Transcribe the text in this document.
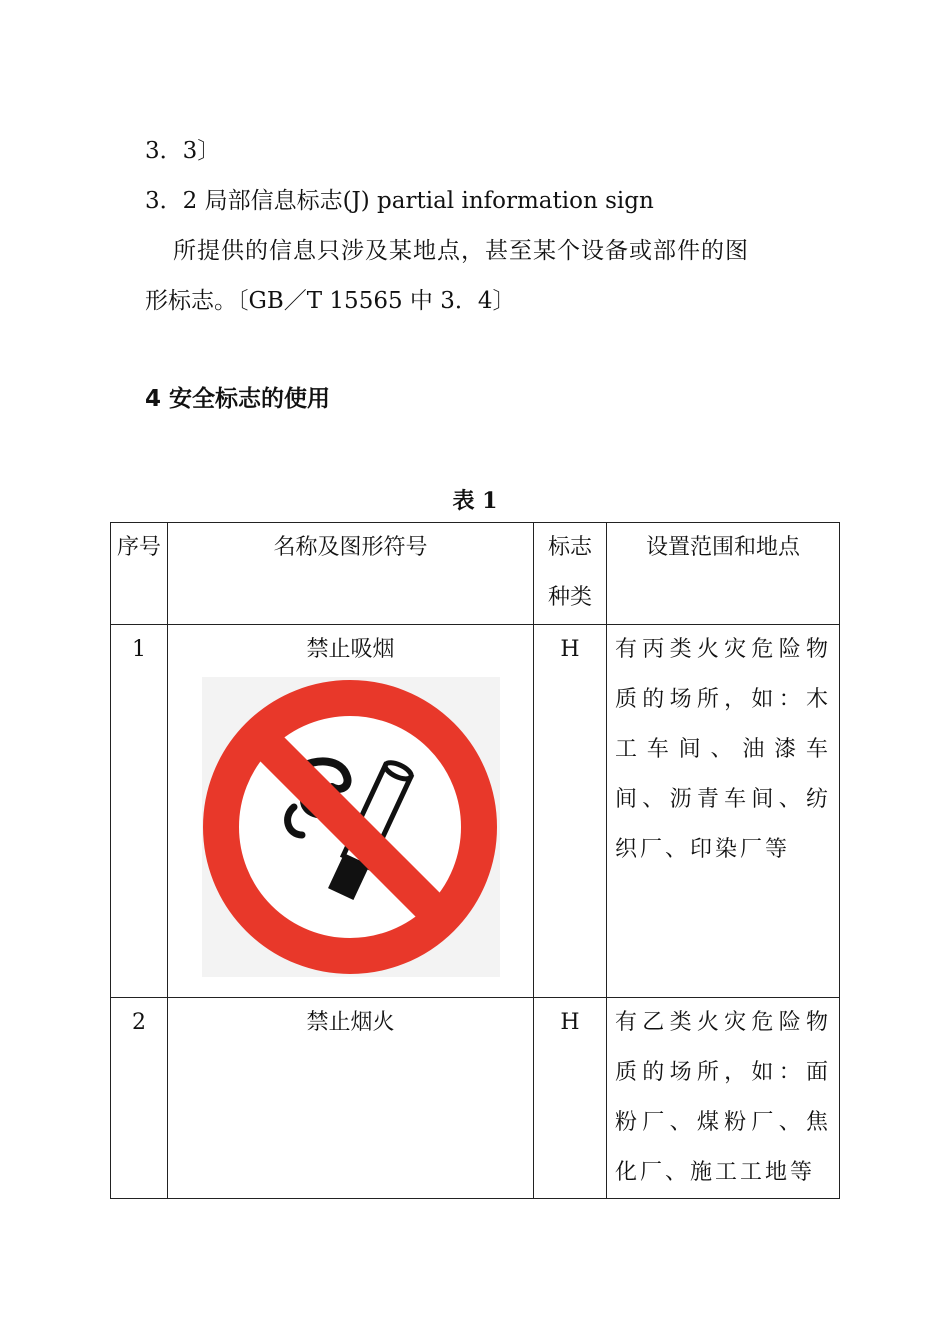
3．3〕
3．2 局部信息标志(J) partial information sign
所提供的信息只涉及某地点，甚至某个设备或部件的图
形标志。〔GB／T 15565 中 3．4〕
4 安全标志的使用
表 1
序号	名称及图形符号	标志种类	设置范围和地点
1	禁止吸烟	H	有丙类火灾危险物质的场所，如：木工车间、油漆车间、沥青车间、纺织厂、印染厂等

2	禁止烟火	H	有乙类火灾危险物质的场所，如：面粉厂、煤粉厂、焦化厂、施工工地等
